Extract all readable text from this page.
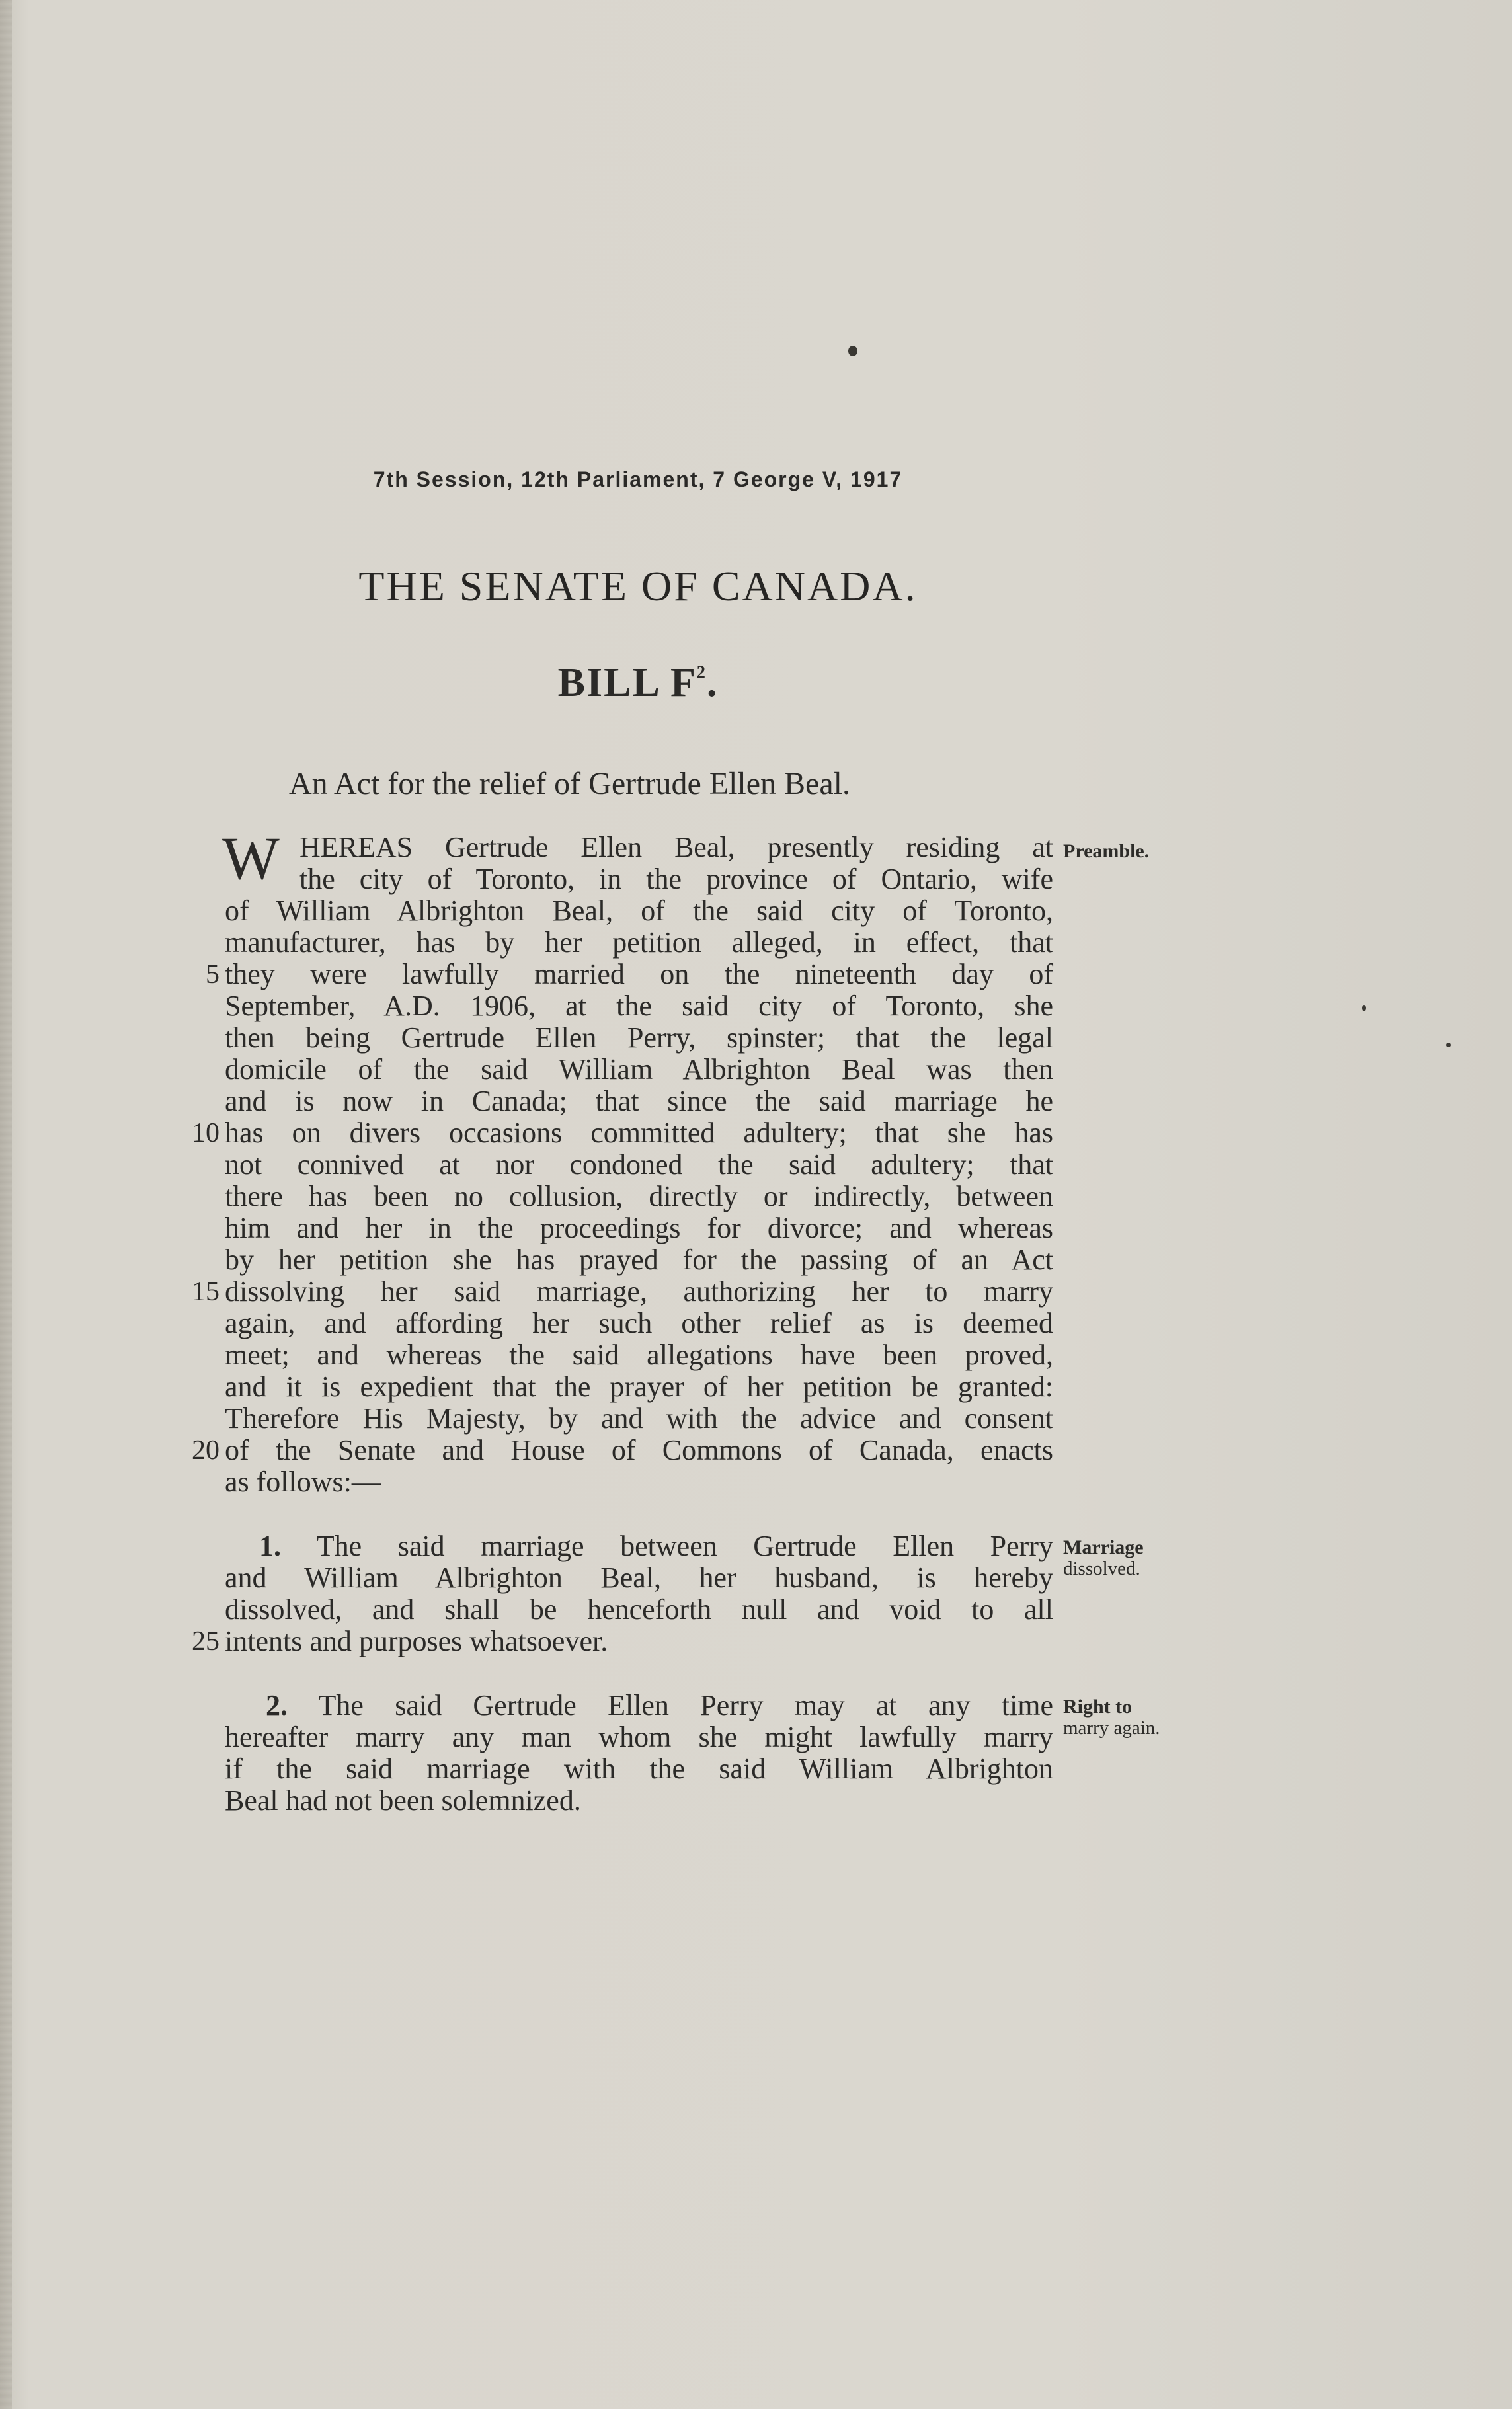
7th Session, 12th Parliament, 7 George V, 1917
THE SENATE OF CANADA.
BILL $F^2$.
An Act for the relief of Gertrude Ellen Beal.
W HEREAS Gertrude Ellen Beal, presently residing at
the city of Toronto, in the province of Ontario, wife
of William Albrighton Beal, of the said city of Toronto,
manufacturer, has by her petition alleged, in effect, that
they were lawfully married on the nineteenth day of
September, A.D. 1906, at the said city of Toronto, she
then being Gertrude Ellen Perry, spinster; that the legal
domicile of the said William Albrighton Beal was then
and is now in Canada; that since the said marriage he
has on divers occasions committed adultery; that she has
not connived at nor condoned the said adultery; that
there has been no collusion, directly or indirectly, between
him and her in the proceedings for divorce; and whereas
by her petition she has prayed for the passing of an Act
dissolving her said marriage, authorizing her to marry
again, and affording her such other relief as is deemed
meet; and whereas the said allegations have been proved,
and it is expedient that the prayer of her petition be granted:
Therefore His Majesty, by and with the advice and consent
of the Senate and House of Commons of Canada, enacts
as follows:—
1. The said marriage between Gertrude Ellen Perry
and William Albrighton Beal, her husband, is hereby
dissolved, and shall be henceforth null and void to all
intents and purposes whatsoever.
2. The said Gertrude Ellen Perry may at any time
hereafter marry any man whom she might lawfully marry
if the said marriage with the said William Albrighton
Beal had not been solemnized.
5
10
15
20
25
Preamble.
Marriage
dissolved.
Right to
marry again.
